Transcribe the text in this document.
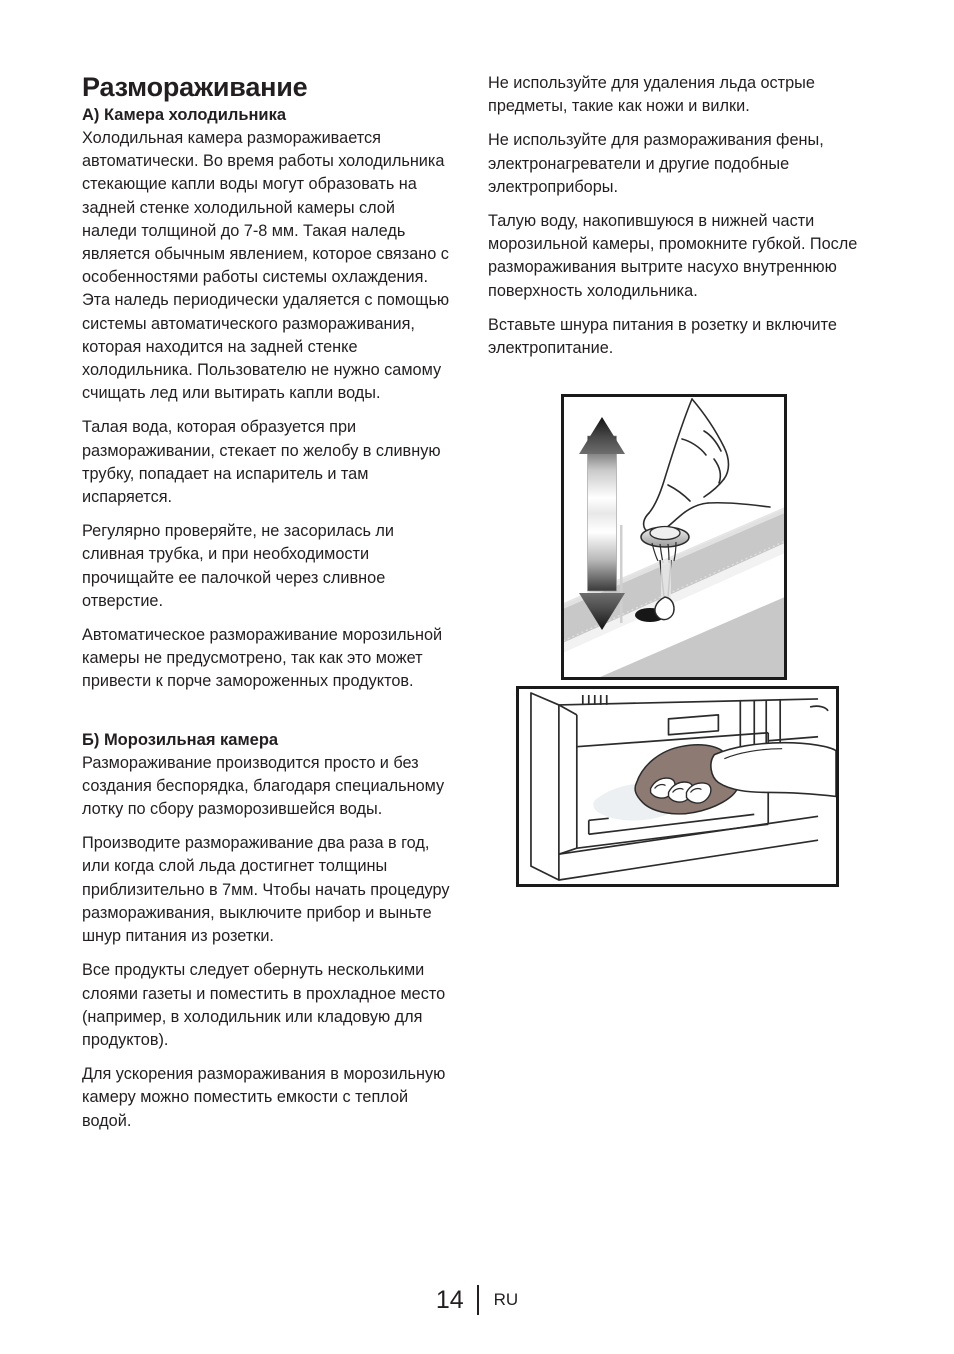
Размораживание
А) Камера холодильника

Холодильная камера размораживается автоматически. Во время работы холодильника стекающие капли воды могут образовать на задней стенке холодильной камеры слой наледи толщиной до 7-8 мм. Такая наледь является обычным явлением, которое связано с особенностями работы системы охлаждения. Эта наледь периодически удаляется с помощью системы автоматического размораживания, которая находится на задней стенке холодильника. Пользователю не нужно самому счищать лед или вытирать капли воды.

Талая вода, которая образуется при размораживании, стекает по желобу в сливную трубку, попадает на испаритель и там испаряется.

Регулярно проверяйте, не засорилась ли сливная трубка, и при необходимости прочищайте ее палочкой через сливное отверстие.

Автоматическое размораживание морозильной камеры не предусмотрено, так как это может привести к порче замороженных продуктов.

Б) Морозильная камера

Размораживание производится просто и без создания беспорядка, благодаря специальному лотку по сбору разморозившейся воды.

Производите размораживание два раза в год, или когда слой льда достигнет толщины приблизительно в 7мм. Чтобы начать процедуру размораживания, выключите прибор и выньте шнур питания из розетки.

Все продукты следует обернуть несколькими слоями газеты и поместить в прохладное место (например, в холодильник или кладовую для продуктов).

Для ускорения размораживания в морозильную камеру можно поместить емкости с теплой водой.

Не используйте для удаления льда острые предметы, такие как ножи и вилки.

Не используйте для размораживания фены, электронагреватели и другие подобные электроприборы.

Талую воду, накопившуюся в нижней части морозильной камеры, промокните губкой. После размораживания вытрите насухо внутреннюю поверхность холодильника.

Вставьте шнура питания в розетку и включите электропитание.

14	RU
